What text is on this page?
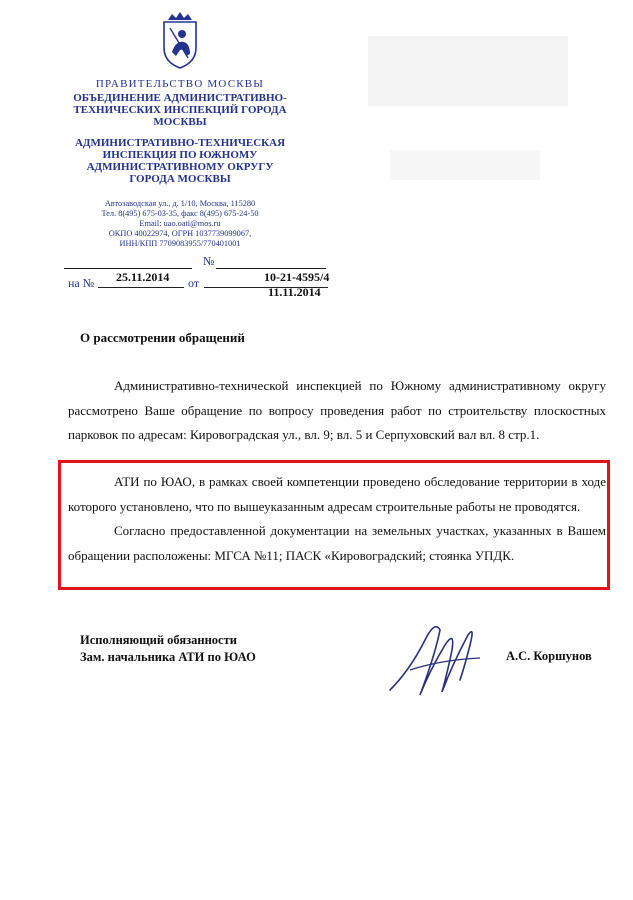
ПРАВИТЕЛЬСТВО МОСКВЫ
ОБЪЕДИНЕНИЕ АДМИНИСТРАТИВНО-
ТЕХНИЧЕСКИХ ИНСПЕКЦИЙ ГОРОДА
МОСКВЫ
АДМИНИСТРАТИВНО-ТЕХНИЧЕСКАЯ
ИНСПЕКЦИЯ ПО ЮЖНОМУ
АДМИНИСТРАТИВНОМУ ОКРУГУ
ГОРОДА МОСКВЫ
Автозаводская ул., д. 1/10, Москва, 115280
Тел. 8(495) 675-03-35, факс 8(495) 675-24-50
Email: uao.oati@mos.ru
ОКПО 40022974, ОГРН 1037739099067,
ИНН/КПП 7709083955/770401001
№
на № 25.11.2014 от	10-21-4595/4
11.11.2014
О рассмотрении обращений

Административно-технической инспекцией по Южному административному округу рассмотрено Ваше обращение по вопросу проведения работ по строительству плоскостных парковок по адресам: Кировоградская ул., вл. 9; вл. 5 и Серпуховский вал вл. 8 стр.1.

АТИ по ЮАО, в рамках своей компетенции проведено обследование территории в ходе которого установлено, что по вышеуказанным адресам строительные работы не проводятся.

Согласно предоставленной документации на земельных участках, указанных в Вашем обращении расположены: МГСА №11; ПАСК «Кировоградский; стоянка УПДК.

Исполняющий обязанности
Зам. начальника АТИ по ЮАО	А.С. Коршунов
